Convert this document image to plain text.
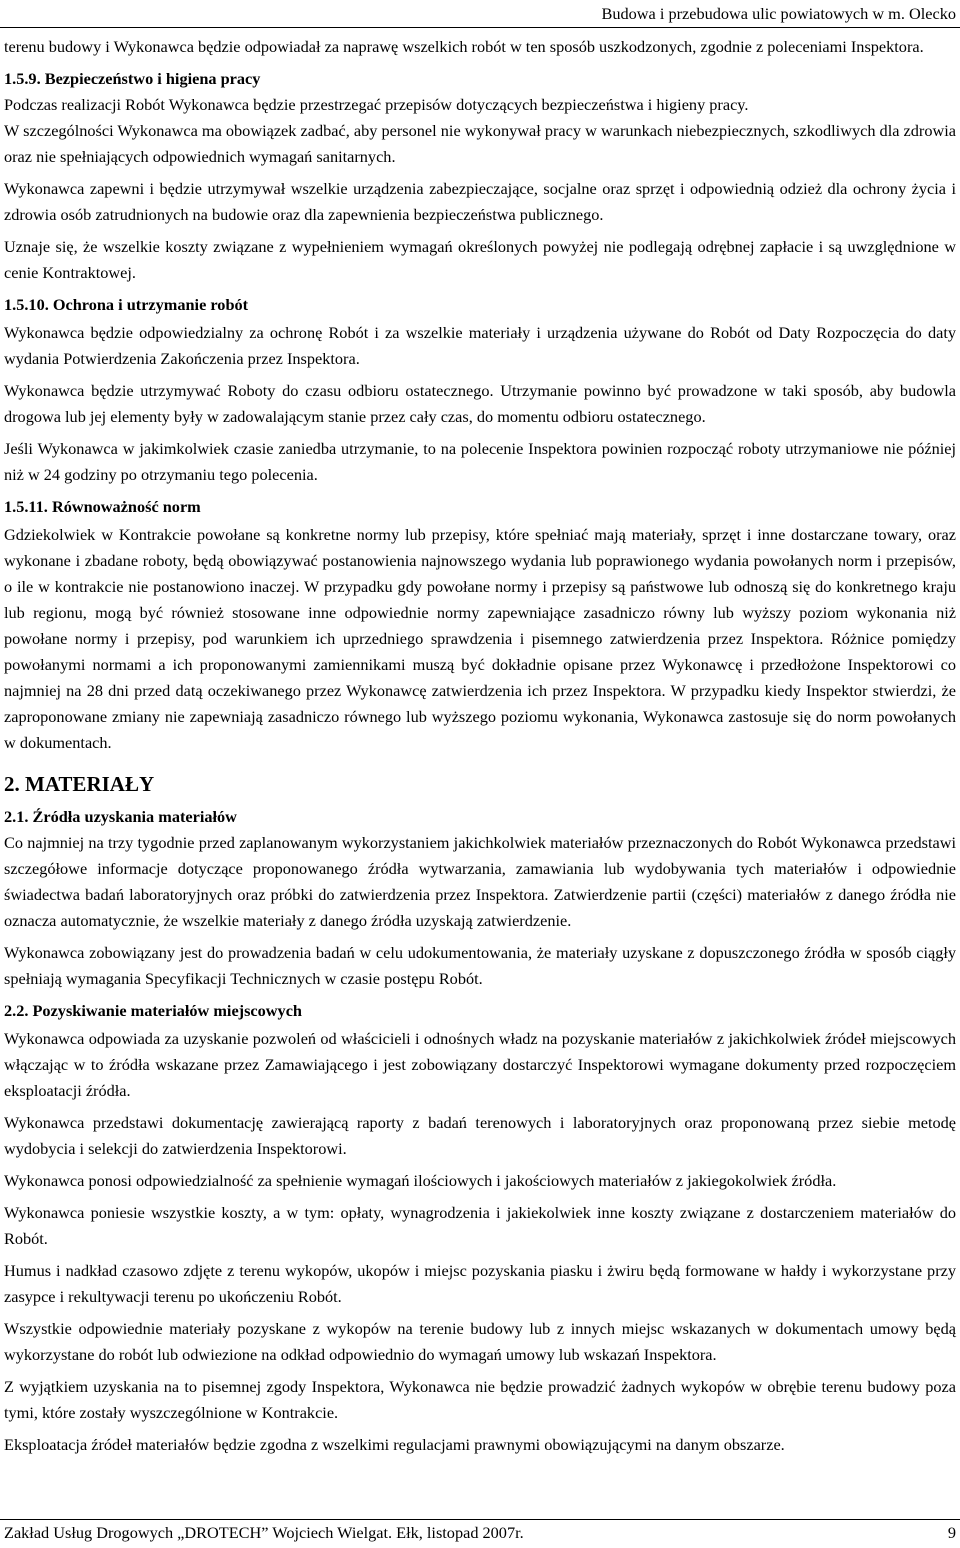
Budowa i przebudowa ulic powiatowych w m. Olecko

terenu budowy i Wykonawca będzie odpowiadał za naprawę wszelkich robót w ten sposób uszkodzonych, zgodnie z poleceniami Inspektora.

1.5.9. Bezpieczeństwo i higiena pracy

Podczas realizacji Robót Wykonawca będzie przestrzegać przepisów dotyczących bezpieczeństwa i higieny pracy.

W szczególności Wykonawca ma obowiązek zadbać, aby personel nie wykonywał pracy w warunkach niebezpiecznych, szkodliwych dla zdrowia oraz nie spełniających odpowiednich wymagań sanitarnych.

Wykonawca zapewni i będzie utrzymywał wszelkie urządzenia zabezpieczające, socjalne oraz sprzęt i odpowiednią odzież dla ochrony życia i zdrowia osób zatrudnionych na budowie oraz dla zapewnienia bezpieczeństwa publicznego.

Uznaje się, że wszelkie koszty związane z wypełnieniem wymagań określonych powyżej nie podlegają odrębnej zapłacie i są uwzględnione w cenie Kontraktowej.

1.5.10. Ochrona i utrzymanie robót

Wykonawca będzie odpowiedzialny za ochronę Robót i za wszelkie materiały i urządzenia używane do Robót od Daty Rozpoczęcia do daty wydania Potwierdzenia Zakończenia przez Inspektora.

Wykonawca będzie utrzymywać Roboty do czasu odbioru ostatecznego. Utrzymanie powinno być prowadzone w taki sposób, aby budowla drogowa lub jej elementy były w zadowalającym stanie przez cały czas, do momentu odbioru ostatecznego.

Jeśli Wykonawca w jakimkolwiek czasie zaniedba utrzymanie, to na polecenie Inspektora powinien rozpocząć roboty utrzymaniowe nie później niż w 24 godziny po otrzymaniu tego polecenia.

1.5.11. Równoważność norm

Gdziekolwiek w Kontrakcie powołane są konkretne normy lub przepisy, które spełniać mają materiały, sprzęt i inne dostarczane towary, oraz wykonane i zbadane roboty, będą obowiązywać postanowienia najnowszego wydania lub poprawionego wydania powołanych norm i przepisów, o ile w kontrakcie nie postanowiono inaczej. W przypadku gdy powołane normy i przepisy są państwowe lub odnoszą się do konkretnego kraju lub regionu, mogą być również stosowane inne odpowiednie normy zapewniające zasadniczo równy lub wyższy poziom wykonania niż powołane normy i przepisy, pod warunkiem ich uprzedniego sprawdzenia i pisemnego zatwierdzenia przez Inspektora. Różnice pomiędzy powołanymi normami a ich proponowanymi zamiennikami muszą być dokładnie opisane przez Wykonawcę i przedłożone Inspektorowi co najmniej na 28 dni przed datą oczekiwanego przez Wykonawcę zatwierdzenia ich przez Inspektora. W przypadku kiedy Inspektor stwierdzi, że zaproponowane zmiany nie zapewniają zasadniczo równego lub wyższego poziomu wykonania, Wykonawca zastosuje się do norm powołanych w dokumentach.

2. MATERIAŁY
2.1. Źródła uzyskania materiałów

Co najmniej na trzy tygodnie przed zaplanowanym wykorzystaniem jakichkolwiek materiałów przeznaczonych do Robót Wykonawca przedstawi szczegółowe informacje dotyczące proponowanego źródła wytwarzania, zamawiania lub wydobywania tych materiałów i odpowiednie świadectwa badań laboratoryjnych oraz próbki do zatwierdzenia przez Inspektora. Zatwierdzenie partii (części) materiałów z danego źródła nie oznacza automatycznie, że wszelkie materiały z danego źródła uzyskają zatwierdzenie.

Wykonawca zobowiązany jest do prowadzenia badań w celu udokumentowania, że materiały uzyskane z dopuszczonego źródła w sposób ciągły spełniają wymagania Specyfikacji Technicznych w czasie postępu Robót.

2.2. Pozyskiwanie materiałów miejscowych

Wykonawca odpowiada za uzyskanie pozwoleń od właścicieli i odnośnych władz na pozyskanie materiałów z jakichkolwiek źródeł miejscowych włączając w to źródła wskazane przez Zamawiającego i jest zobowiązany dostarczyć Inspektorowi wymagane dokumenty przed rozpoczęciem eksploatacji źródła.

Wykonawca przedstawi dokumentację zawierającą raporty z badań terenowych i laboratoryjnych oraz proponowaną przez siebie metodę wydobycia i selekcji do zatwierdzenia Inspektorowi.

Wykonawca ponosi odpowiedzialność za spełnienie wymagań ilościowych i jakościowych materiałów z jakiegokolwiek źródła.

Wykonawca poniesie wszystkie koszty, a w tym: opłaty, wynagrodzenia i jakiekolwiek inne koszty związane z dostarczeniem materiałów do Robót.

Humus i nadkład czasowo zdjęte z terenu wykopów, ukopów i miejsc pozyskania piasku i żwiru będą formowane w hałdy i wykorzystane przy zasypce i rekultywacji terenu po ukończeniu Robót.

Wszystkie odpowiednie materiały pozyskane z wykopów na terenie budowy lub z innych miejsc wskazanych w dokumentach umowy będą wykorzystane do robót lub odwiezione na odkład odpowiednio do wymagań umowy lub wskazań Inspektora.

Z wyjątkiem uzyskania na to pisemnej zgody Inspektora, Wykonawca nie będzie prowadzić żadnych wykopów w obrębie terenu budowy poza tymi, które zostały wyszczególnione w Kontrakcie.

Eksploatacja źródeł materiałów będzie zgodna z wszelkimi regulacjami prawnymi obowiązującymi na danym obszarze.

Zakład Usług Drogowych „DROTECH” Wojciech Wielgat. Ełk, listopad 2007r.	9
